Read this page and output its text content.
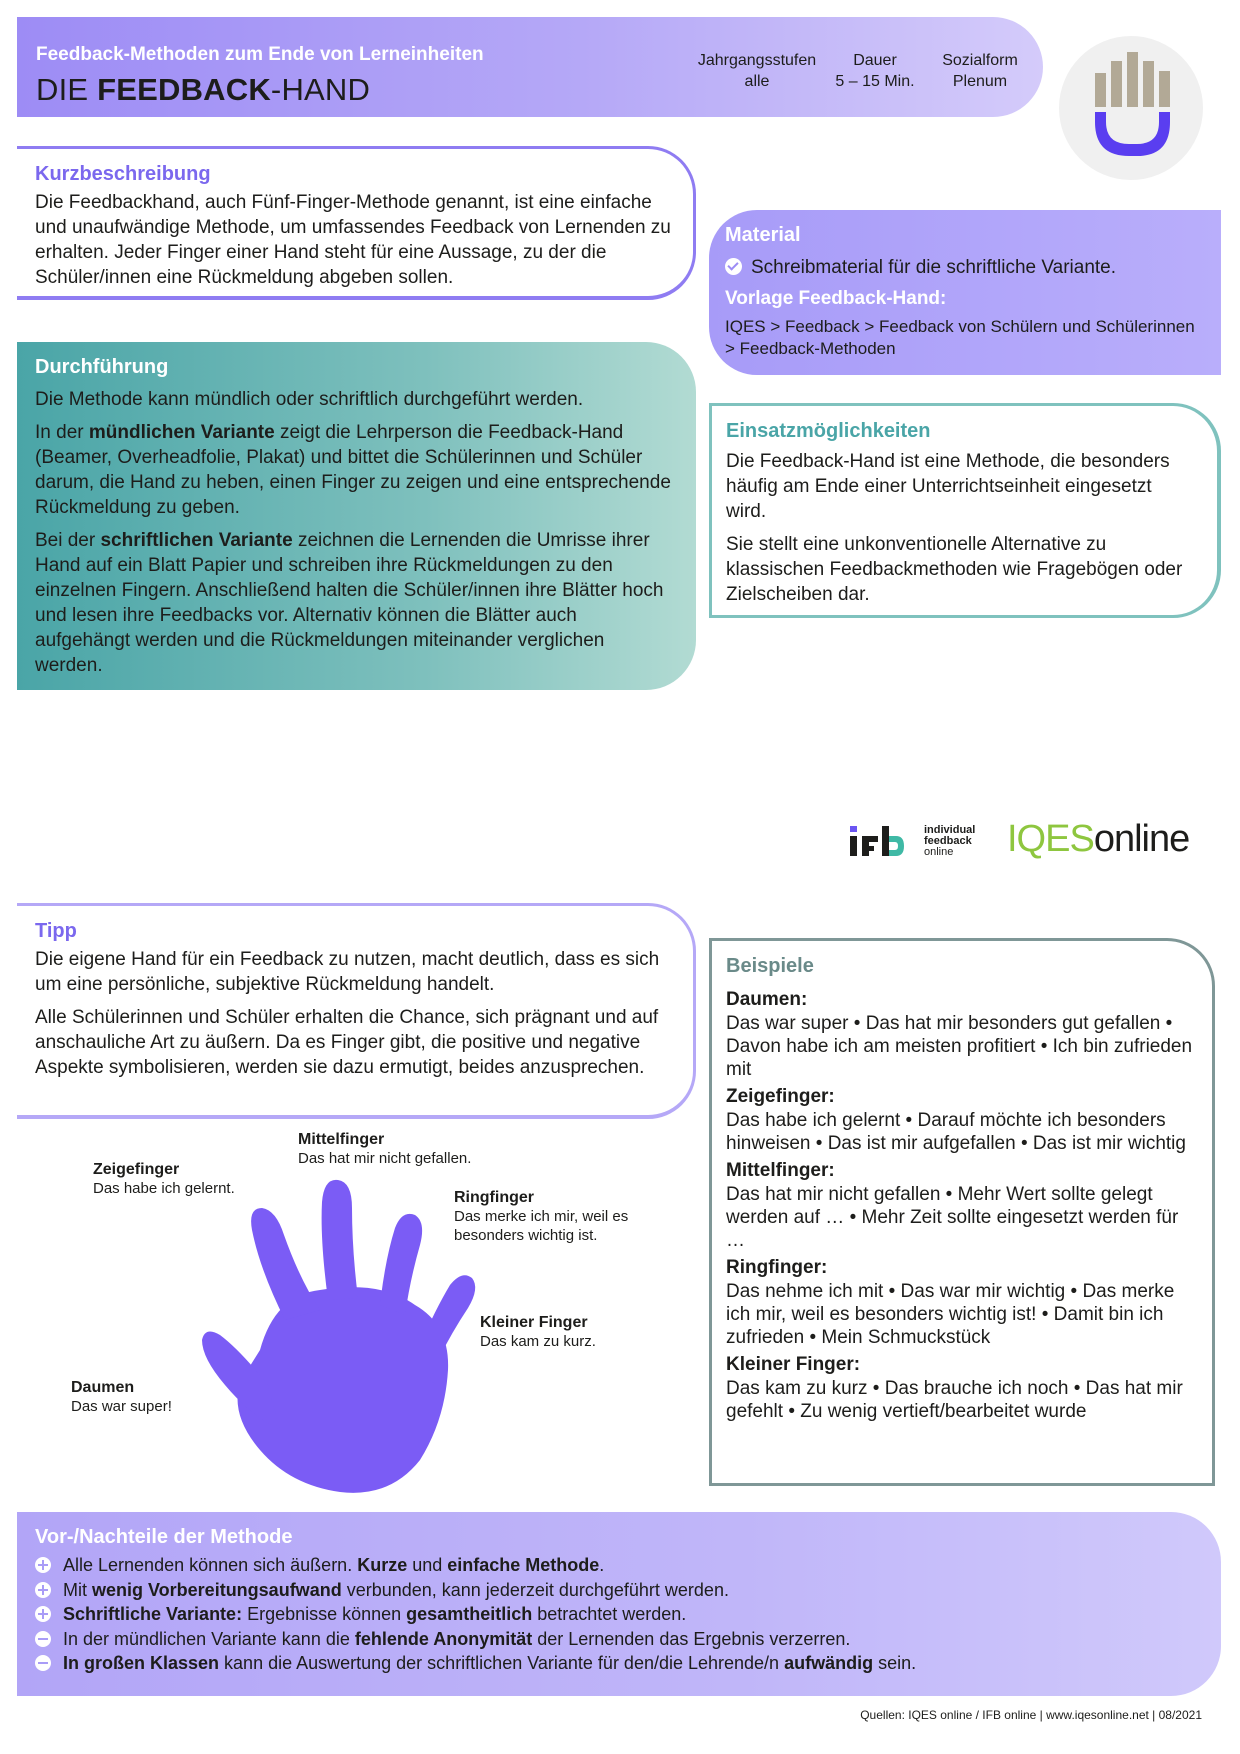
Feedback-Methoden zum Ende von Lerneinheiten
DIE FEEDBACK-HAND
Jahrgangsstufen
alle
Dauer
5 – 15 Min.
Sozialform
Plenum
Kurzbeschreibung

Die Feedbackhand, auch Fünf-Finger-Methode genannt, ist eine einfache und unaufwändige Methode, um umfassendes Feedback von Lernenden zu erhalten. Jeder Finger einer Hand steht für eine Aussage, zu der die Schüler/innen eine Rückmeldung abgeben sollen.

Durchführung

Die Methode kann mündlich oder schriftlich durchgeführt werden.

In der mündlichen Variante zeigt die Lehrperson die Feedback-Hand (Beamer, Overheadfolie, Plakat) und bittet die Schülerinnen und Schüler darum, die Hand zu heben, einen Finger zu zeigen und eine entsprechende Rückmeldung zu geben.

Bei der schriftlichen Variante zeichnen die Lernenden die Umrisse ihrer Hand auf ein Blatt Papier und schreiben ihre Rückmeldungen zu den einzelnen Fingern. Anschließend halten die Schüler/innen ihre Blätter hoch und lesen ihre Feedbacks vor. Alternativ können die Blätter auch aufgehängt werden und die Rückmeldungen miteinander verglichen werden.

Material

Schreibmaterial für die schriftliche Variante.

Vorlage Feedback-Hand:

IQES > Feedback > Feedback von Schülern und Schülerinnen > Feedback-Methoden

Einsatzmöglichkeiten

Die Feedback-Hand ist eine Methode, die besonders häufig am Ende einer Unterrichtseinheit eingesetzt wird.

Sie stellt eine unkonventionelle Alternative zu klassischen Feedbackmethoden wie Fragebögen oder Zielscheiben dar.

individual
feedback
online	IQESonline
Tipp

Die eigene Hand für ein Feedback zu nutzen, macht deutlich, dass es sich um eine persönliche, subjektive Rückmeldung handelt.

Alle Schülerinnen und Schüler erhalten die Chance, sich prägnant und auf anschauliche Art zu äußern. Da es Finger gibt, die positive und negative Aspekte symbolisieren, werden sie dazu ermutigt, beides anzusprechen.

Mittelfinger
Das hat mir nicht gefallen.
Zeigefinger
Das habe ich gelernt.
Ringfinger
Das merke ich mir, weil es
besonders wichtig ist.
Kleiner Finger
Das kam zu kurz.
Daumen
Das war super!
Beispiele
Daumen:

Das war super • Das hat mir besonders gut gefallen • Davon habe ich am meisten profitiert • Ich bin zufrieden mit

Zeigefinger:

Das habe ich gelernt • Darauf möchte ich besonders hinweisen • Das ist mir aufgefallen • Das ist mir wichtig

Mittelfinger:

Das hat mir nicht gefallen • Mehr Wert sollte gelegt werden auf … • Mehr Zeit sollte eingesetzt werden für …

Ringfinger:

Das nehme ich mit • Das war mir wichtig • Das merke ich mir, weil es besonders wichtig ist! • Damit bin ich zufrieden • Mein Schmuckstück

Kleiner Finger:

Das kam zu kurz • Das brauche ich noch • Das hat mir gefehlt • Zu wenig vertieft/bearbeitet wurde

Vor-/Nachteile der Methode
Alle Lernenden können sich äußern. Kurze und einfache Methode.
Mit wenig Vorbereitungsaufwand verbunden, kann jederzeit durchgeführt werden.
Schriftliche Variante: Ergebnisse können gesamtheitlich betrachtet werden.
In der mündlichen Variante kann die fehlende Anonymität der Lernenden das Ergebnis verzerren.
In großen Klassen kann die Auswertung der schriftlichen Variante für den/die Lehrende/n aufwändig sein.
Quellen: IQES online / IFB online | www.iqesonline.net | 08/2021
